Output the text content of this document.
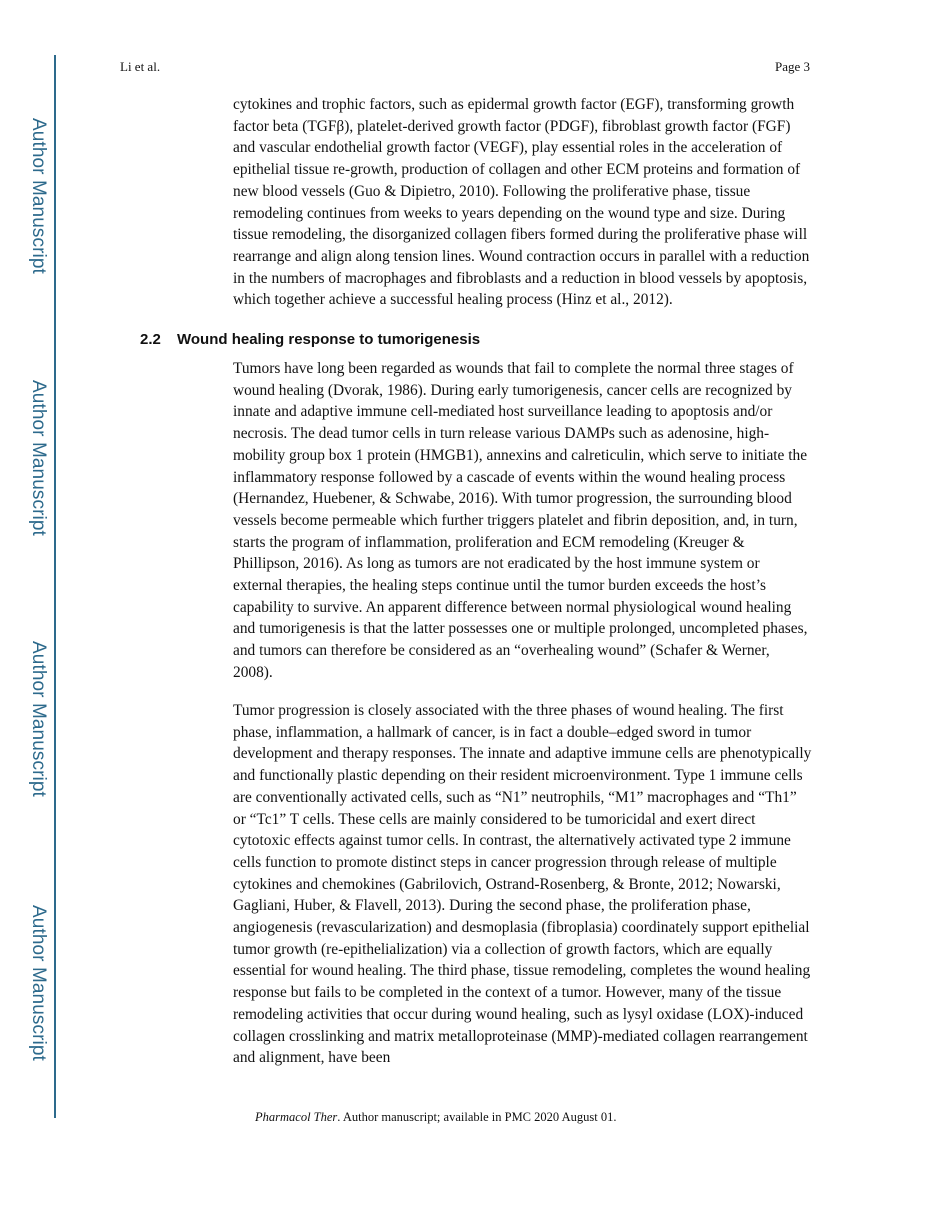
Author Manuscript
Author Manuscript
Author Manuscript
Author Manuscript
Li et al.	Page 3

cytokines and trophic factors, such as epidermal growth factor (EGF), transforming growth factor beta (TGFβ), platelet-derived growth factor (PDGF), fibroblast growth factor (FGF) and vascular endothelial growth factor (VEGF), play essential roles in the acceleration of epithelial tissue re-growth, production of collagen and other ECM proteins and formation of new blood vessels (Guo & Dipietro, 2010). Following the proliferative phase, tissue remodeling continues from weeks to years depending on the wound type and size. During tissue remodeling, the disorganized collagen fibers formed during the proliferative phase will rearrange and align along tension lines. Wound contraction occurs in parallel with a reduction in the numbers of macrophages and fibroblasts and a reduction in blood vessels by apoptosis, which together achieve a successful healing process (Hinz et al., 2012).

2.2 Wound healing response to tumorigenesis

Tumors have long been regarded as wounds that fail to complete the normal three stages of wound healing (Dvorak, 1986). During early tumorigenesis, cancer cells are recognized by innate and adaptive immune cell-mediated host surveillance leading to apoptosis and/or necrosis. The dead tumor cells in turn release various DAMPs such as adenosine, high-mobility group box 1 protein (HMGB1), annexins and calreticulin, which serve to initiate the inflammatory response followed by a cascade of events within the wound healing process (Hernandez, Huebener, & Schwabe, 2016). With tumor progression, the surrounding blood vessels become permeable which further triggers platelet and fibrin deposition, and, in turn, starts the program of inflammation, proliferation and ECM remodeling (Kreuger & Phillipson, 2016). As long as tumors are not eradicated by the host immune system or external therapies, the healing steps continue until the tumor burden exceeds the host’s capability to survive. An apparent difference between normal physiological wound healing and tumorigenesis is that the latter possesses one or multiple prolonged, uncompleted phases, and tumors can therefore be considered as an “overhealing wound” (Schafer & Werner, 2008).

Tumor progression is closely associated with the three phases of wound healing. The first phase, inflammation, a hallmark of cancer, is in fact a double–edged sword in tumor development and therapy responses. The innate and adaptive immune cells are phenotypically and functionally plastic depending on their resident microenvironment. Type 1 immune cells are conventionally activated cells, such as “N1” neutrophils, “M1” macrophages and “Th1” or “Tc1” T cells. These cells are mainly considered to be tumoricidal and exert direct cytotoxic effects against tumor cells. In contrast, the alternatively activated type 2 immune cells function to promote distinct steps in cancer progression through release of multiple cytokines and chemokines (Gabrilovich, Ostrand-Rosenberg, & Bronte, 2012; Nowarski, Gagliani, Huber, & Flavell, 2013). During the second phase, the proliferation phase, angiogenesis (revascularization) and desmoplasia (fibroplasia) coordinately support epithelial tumor growth (re-epithelialization) via a collection of growth factors, which are equally essential for wound healing. The third phase, tissue remodeling, completes the wound healing response but fails to be completed in the context of a tumor. However, many of the tissue remodeling activities that occur during wound healing, such as lysyl oxidase (LOX)-induced collagen crosslinking and matrix metalloproteinase (MMP)-mediated collagen rearrangement and alignment, have been

Pharmacol Ther. Author manuscript; available in PMC 2020 August 01.
